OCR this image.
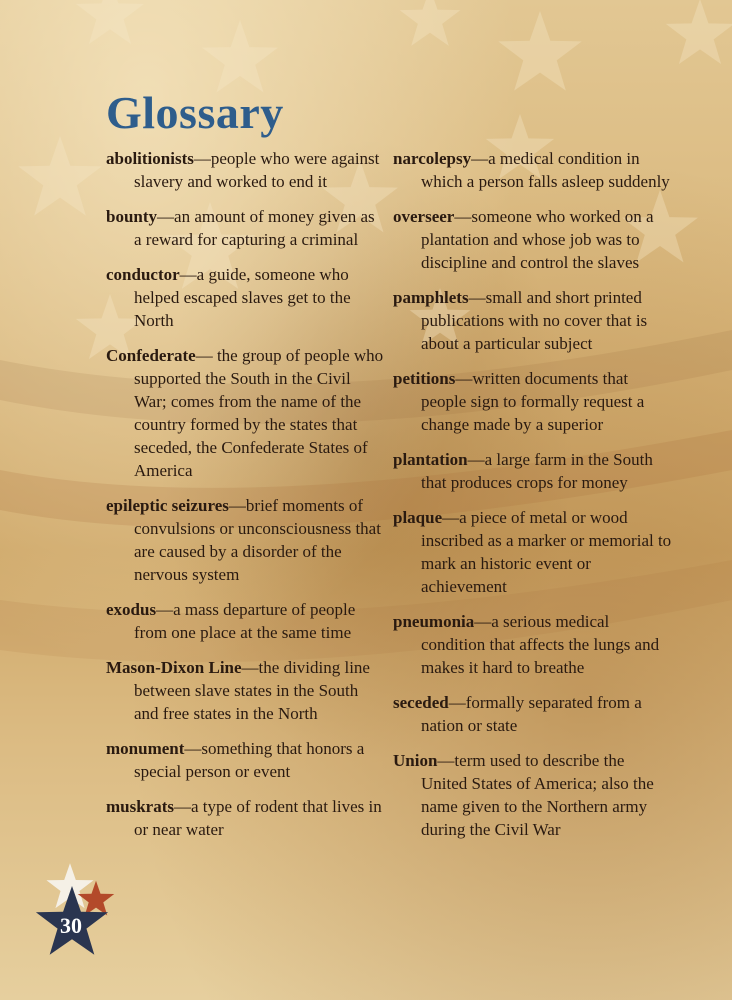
Glossary

abolitionists—people who were against slavery and worked to end it

bounty—an amount of money given as a reward for capturing a criminal

conductor—a guide, someone who helped escaped slaves get to the North

Confederate— the group of people who supported the South in the Civil War; comes from the name of the country formed by the states that seceded, the Confederate States of America

epileptic seizures—brief moments of convulsions or unconsciousness that are caused by a disorder of the nervous system

exodus—a mass departure of people from one place at the same time

Mason-Dixon Line—the dividing line between slave states in the South and free states in the North

monument—something that honors a special person or event

muskrats—a type of rodent that lives in or near water

narcolepsy—a medical condition in which a person falls asleep suddenly

overseer—someone who worked on a plantation and whose job was to discipline and control the slaves

pamphlets—small and short printed publications with no cover that is about a particular subject

petitions—written documents that people sign to formally request a change made by a superior

plantation—a large farm in the South that produces crops for money

plaque—a piece of metal or wood inscribed as a marker or memorial to mark an historic event or achievement

pneumonia—a serious medical condition that affects the lungs and makes it hard to breathe

seceded—formally separated from a nation or state

Union—term used to describe the United States of America; also the name given to the Northern army during the Civil War

30
